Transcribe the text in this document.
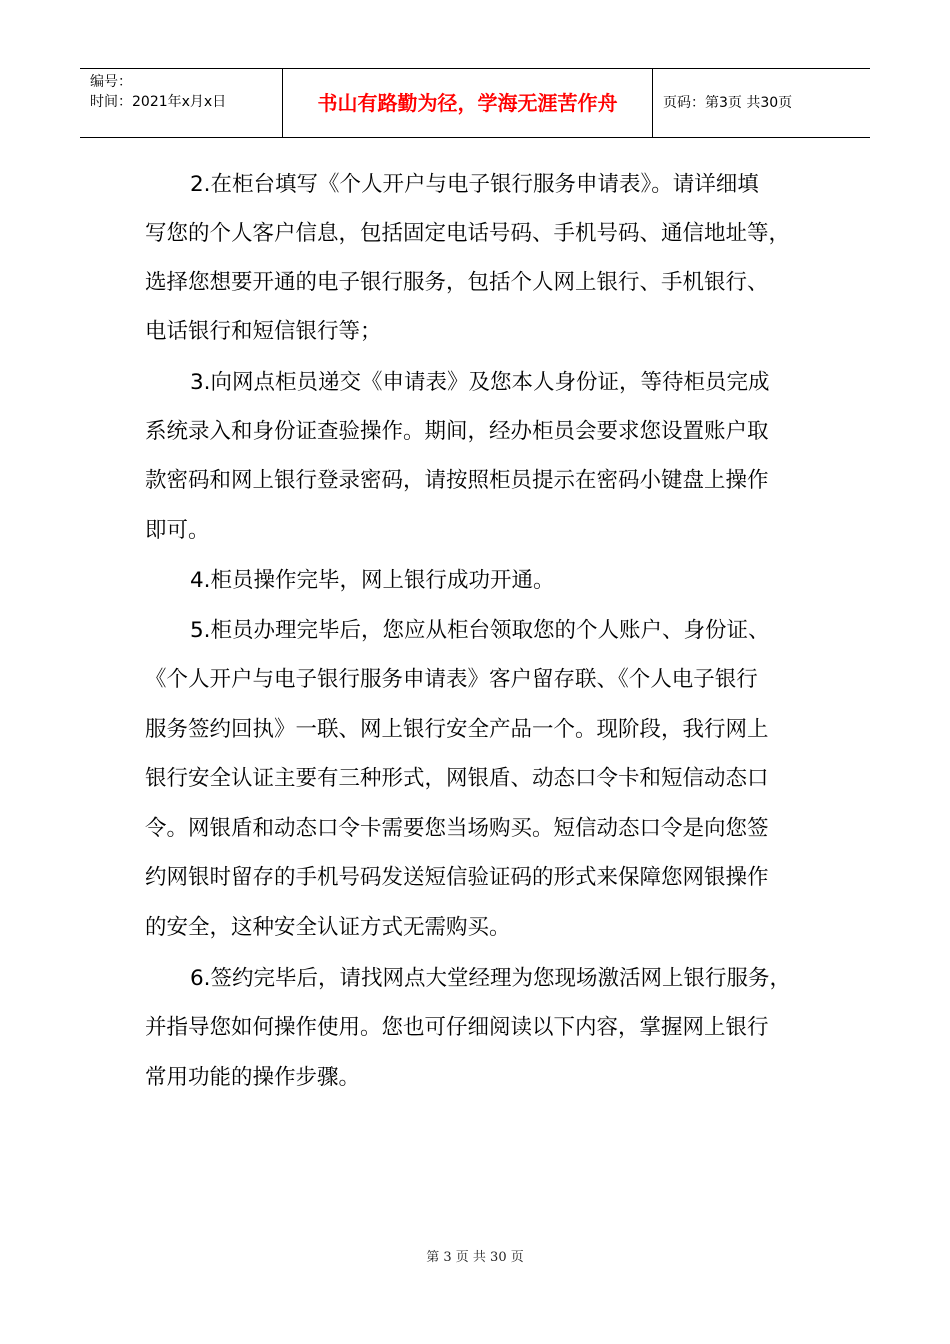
编号：
时间：2021年x月x日	书山有路勤为径，学海无涯苦作舟	页码：第3页 共30页
2.在柜台填写《个人开户与电子银行服务申请表》。请详细填
写您的个人客户信息，包括固定电话号码、手机号码、通信地址等，
选择您想要开通的电子银行服务，包括个人网上银行、手机银行、
电话银行和短信银行等；
3.向网点柜员递交《申请表》及您本人身份证，等待柜员完成
系统录入和身份证查验操作。期间，经办柜员会要求您设置账户取
款密码和网上银行登录密码，请按照柜员提示在密码小键盘上操作
即可。
4.柜员操作完毕，网上银行成功开通。
5.柜员办理完毕后，您应从柜台领取您的个人账户、身份证、
《个人开户与电子银行服务申请表》客户留存联、《个人电子银行
服务签约回执》一联、网上银行安全产品一个。现阶段，我行网上
银行安全认证主要有三种形式，网银盾、动态口令卡和短信动态口
令。网银盾和动态口令卡需要您当场购买。短信动态口令是向您签
约网银时留存的手机号码发送短信验证码的形式来保障您网银操作
的安全，这种安全认证方式无需购买。
6.签约完毕后，请找网点大堂经理为您现场激活网上银行服务，
并指导您如何操作使用。您也可仔细阅读以下内容，掌握网上银行
常用功能的操作步骤。
第 3 页 共 30 页
